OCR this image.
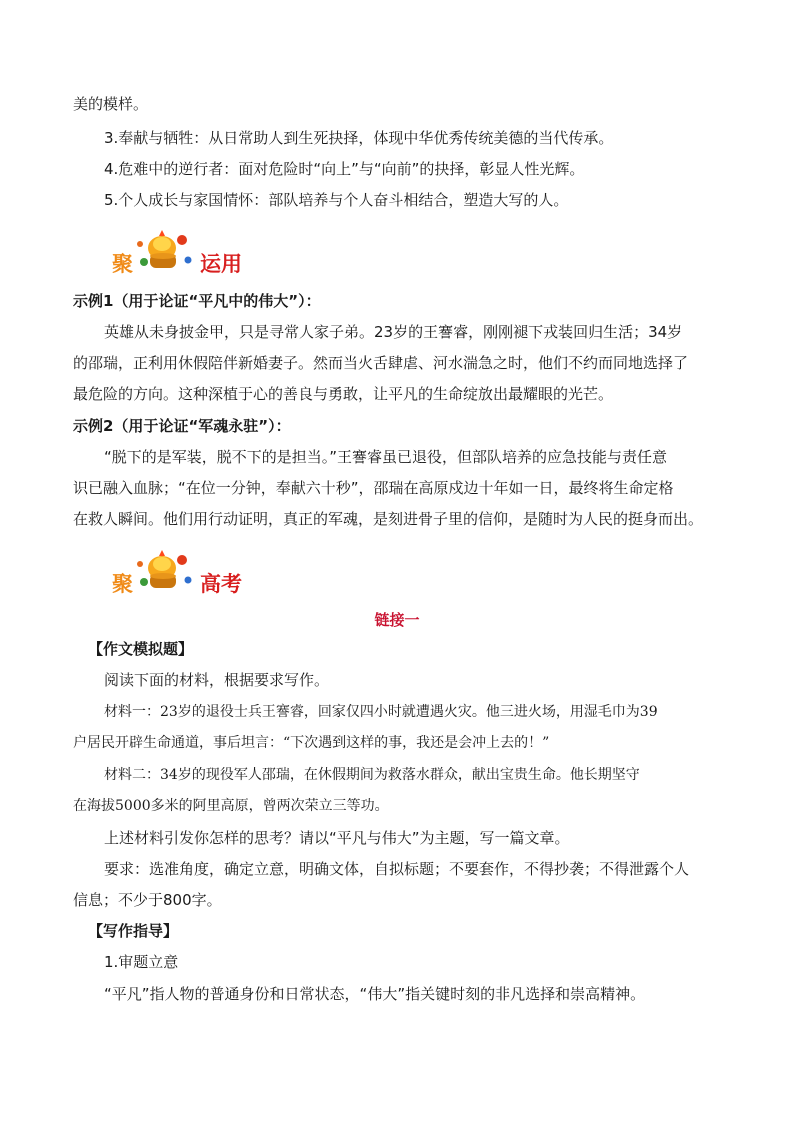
美的模样。
3.奉献与牺牲：从日常助人到生死抉择，体现中华优秀传统美德的当代传承。
4.危难中的逆行者：面对危险时“向上”与“向前”的抉择，彰显人性光辉。
5.个人成长与家国情怀：部队培养与个人奋斗相结合，塑造大写的人。
聚	运用
示例1（用于论证“平凡中的伟大”）：
英雄从未身披金甲，只是寻常人家子弟。23岁的王謇睿，刚刚褪下戎装回归生活；34岁
的邵瑞，正利用休假陪伴新婚妻子。然而当火舌肆虐、河水湍急之时，他们不约而同地选择了
最危险的方向。这种深植于心的善良与勇敢，让平凡的生命绽放出最耀眼的光芒。
示例2（用于论证“军魂永驻”）：
“脱下的是军装，脱不下的是担当。”王謇睿虽已退役，但部队培养的应急技能与责任意
识已融入血脉；“在位一分钟，奉献六十秒”，邵瑞在高原戍边十年如一日，最终将生命定格
在救人瞬间。他们用行动证明，真正的军魂，是刻进骨子里的信仰，是随时为人民的挺身而出。
聚	高考
链接一
【作文模拟题】
阅读下面的材料，根据要求写作。
材料一：23岁的退役士兵王謇睿，回家仅四小时就遭遇火灾。他三进火场，用湿毛巾为39
户居民开辟生命通道，事后坦言：“下次遇到这样的事，我还是会冲上去的！”
材料二：34岁的现役军人邵瑞，在休假期间为救落水群众，献出宝贵生命。他长期坚守
在海拔5000多米的阿里高原，曾两次荣立三等功。
上述材料引发你怎样的思考？请以“平凡与伟大”为主题，写一篇文章。
要求：选准角度，确定立意，明确文体，自拟标题；不要套作，不得抄袭；不得泄露个人
信息；不少于800字。
【写作指导】
1.审题立意
“平凡”指人物的普通身份和日常状态，“伟大”指关键时刻的非凡选择和崇高精神。
